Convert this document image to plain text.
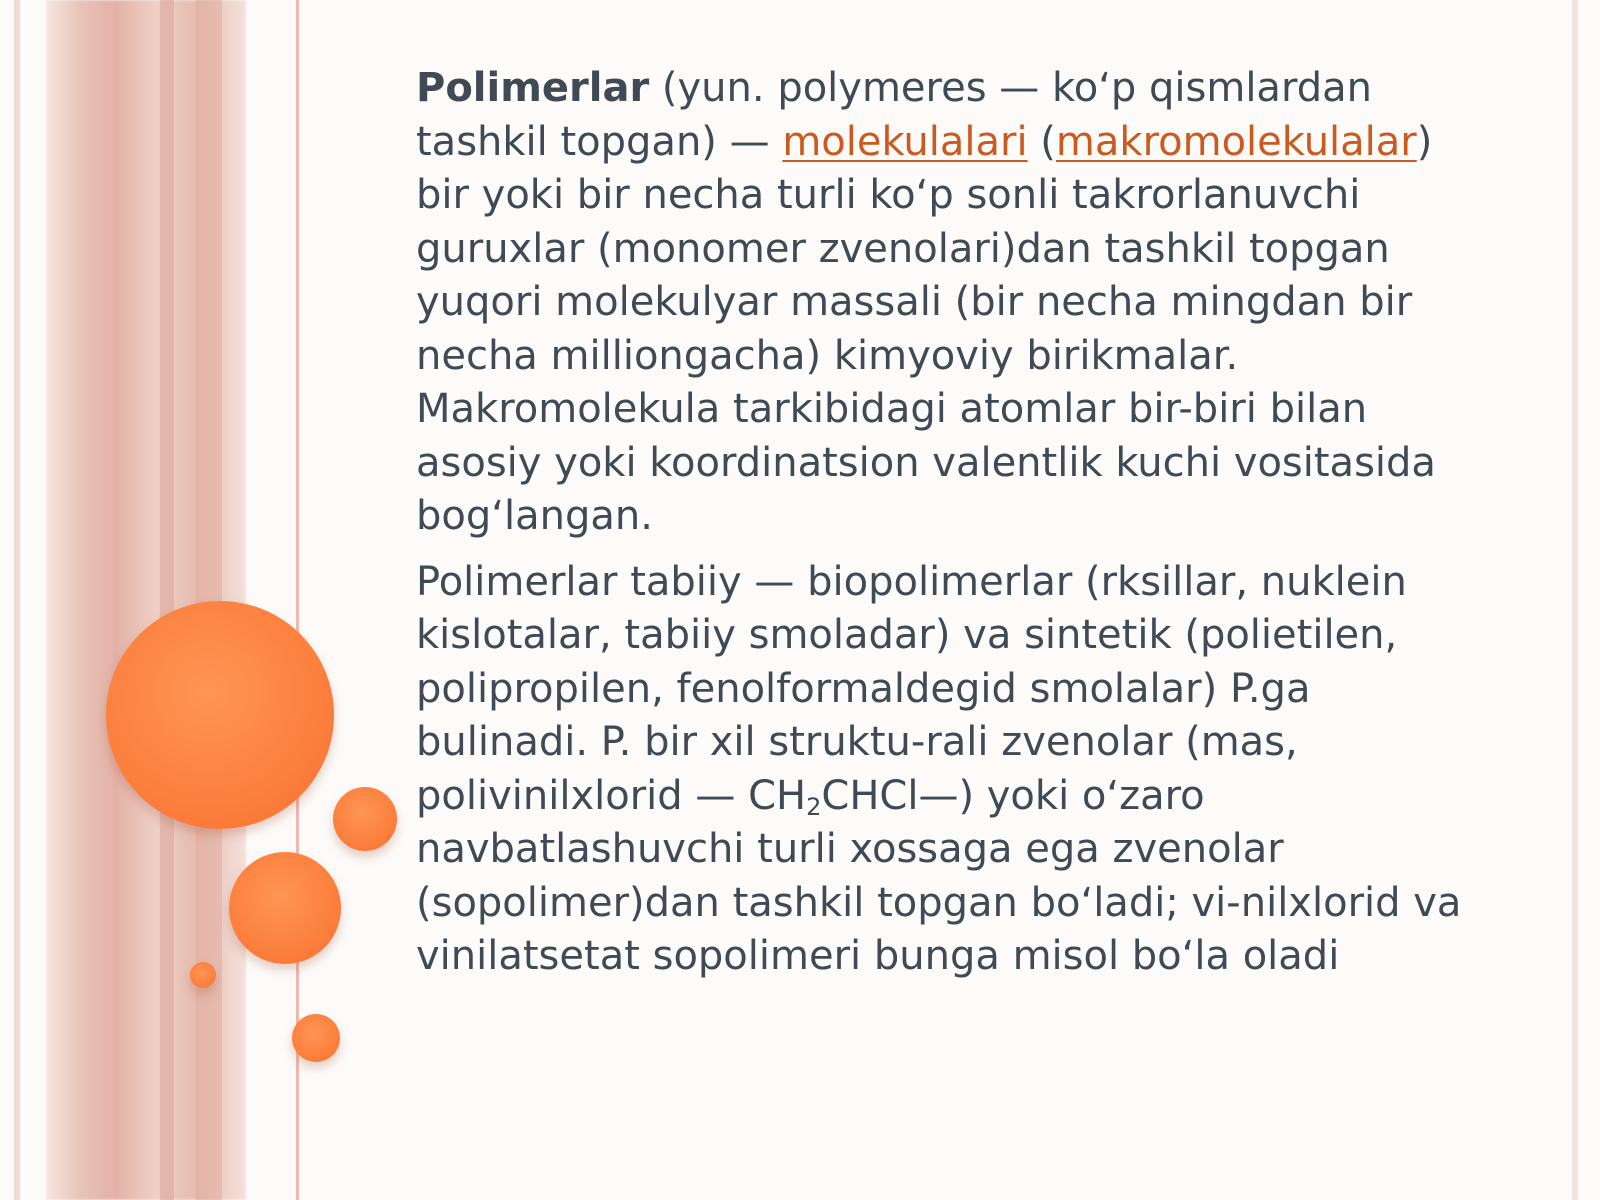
Polimerlar (yun. polymeres — ko‘p qismlardan tashkil topgan) — molekulalari (makromolekulalar) bir yoki bir necha turli ko‘p sonli takrorlanuvchi guruxlar (monomer zvenolari)dan tashkil topgan yuqori molekulyar massali (bir necha mingdan bir necha milliongacha) kimyoviy birikmalar. Makromolekula tarkibidagi atomlar bir-biri bilan asosiy yoki koordinatsion valentlik kuchi vositasida bog‘langan.

Polimerlar tabiiy — biopolimerlar (rksillar, nuklein kislotalar, tabiiy smoladar) va sintetik (polietilen, polipropilen, fenolformaldegid smolalar) P.ga bulinadi. P. bir xil struktu-rali zvenolar (mas, polivinilxlorid — $CH_2CHCl—$) yoki o‘zaro navbatlashuvchi turli xossaga ega zvenolar (sopolimer)dan tashkil topgan bo‘ladi; vi-nilxlorid va vinilatsetat sopolimeri bunga misol bo‘la oladi
